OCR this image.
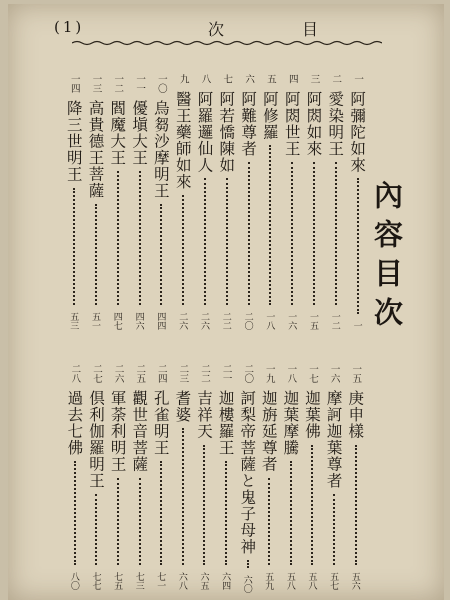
(1)	次	目
內容目次
一
阿彌陀如來
一
二
愛染明王
一二
三
阿閦如來
一五
四
阿閦世王
一六
五
阿修羅
一八
六
阿難尊者
二〇
七
阿若憍陳如
二二
八
阿羅邏仙人
二六
九
醫王藥師如來
二六
一〇
烏芻沙摩明王
四四
一一
優塡大王
四六
一二
閻魔大王
四七
一三
高貴德王菩薩
五一
一四
降三世明王
五三
一五
庚申樣
五六
一六
摩訶迦葉尊者
五七
一七
迦葉佛
五八
一八
迦葉摩騰
五八
一九
迦旃延尊者
五九
二〇
訶梨帝菩薩と鬼子母神
六〇
二一
迦樓羅王
六四
二二
吉祥天
六五
二三
耆婆
六八
二四
孔雀明王
七一
二五
觀世音菩薩
七三
二六
軍荼利明王
七五
二七
倶利伽羅明王
七七
二八
過去七佛
八〇
